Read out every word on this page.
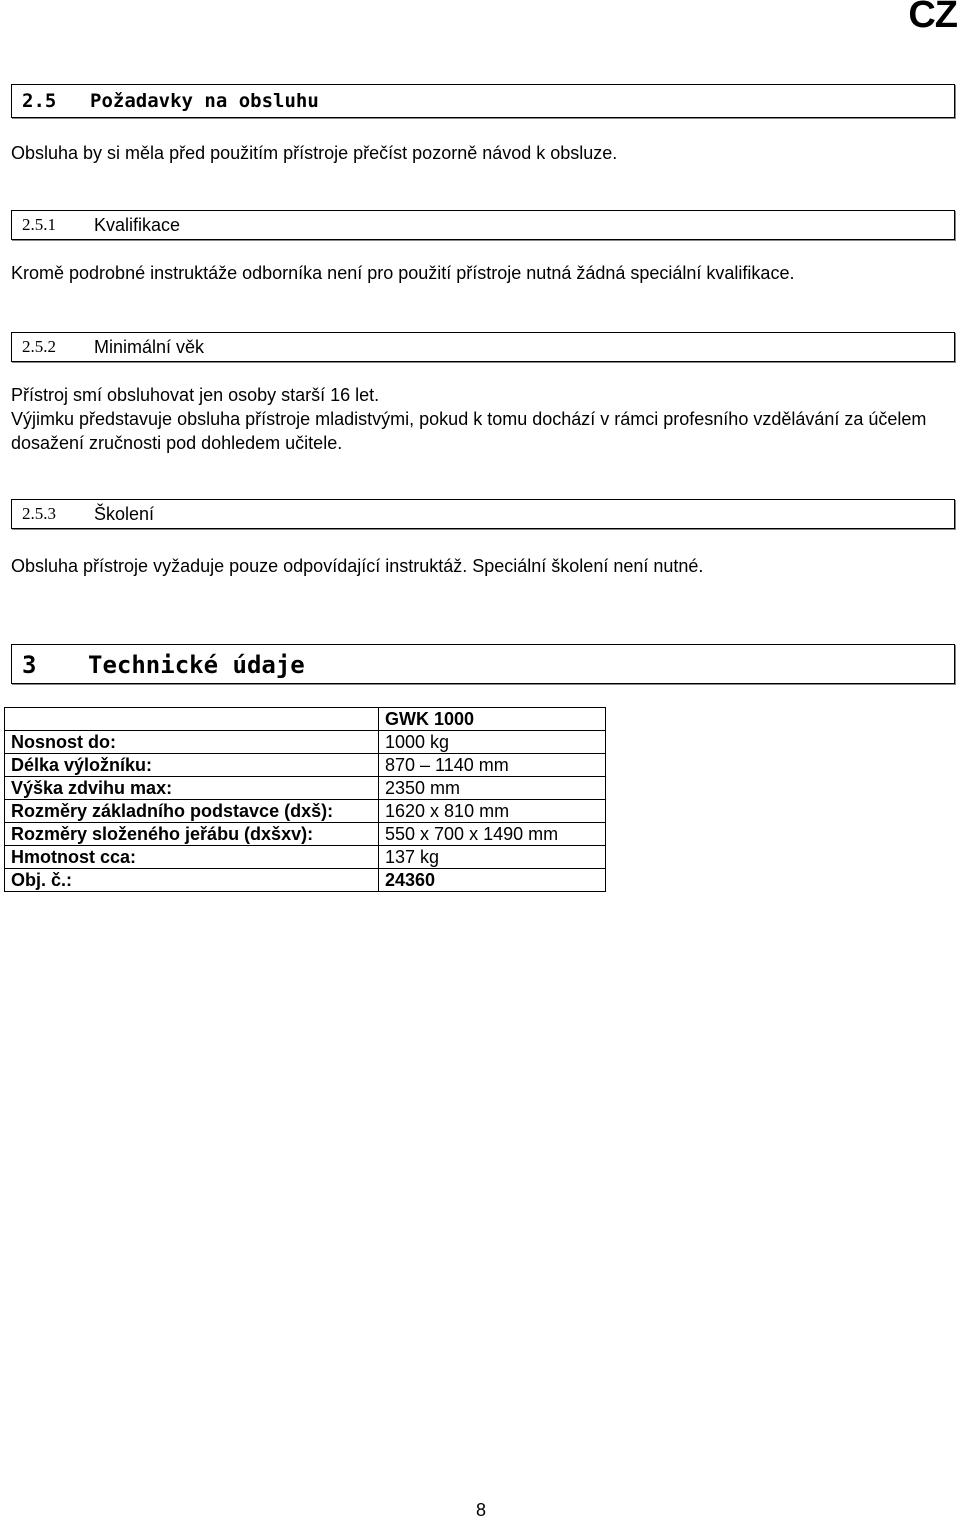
CZ
2.5 Požadavky na obsluhu
Obsluha by si měla před použitím přístroje přečíst pozorně návod k obsluze.
2.5.1 Kvalifikace
Kromě podrobné instruktáže odborníka není pro použití přístroje nutná žádná speciální kvalifikace.
2.5.2 Minimální věk
Přístroj smí obsluhovat jen osoby starší 16 let.
Výjimku představuje obsluha přístroje mladistvými, pokud k tomu dochází v rámci profesního vzdělávání za účelem dosažení zručnosti pod dohledem učitele.
2.5.3 Školení
Obsluha přístroje vyžaduje pouze odpovídající instruktáž. Speciální školení není nutné.
3 Technické údaje
	GWK 1000
Nosnost do:	1000 kg
Délka výložníku:	870 – 1140 mm
Výška zdvihu max:	2350 mm
Rozměry základního podstavce (dxš):	1620 x 810 mm
Rozměry složeného jeřábu (dxšxv):	550 x 700 x 1490 mm
Hmotnost cca:	137 kg
Obj. č.:	24360
8
